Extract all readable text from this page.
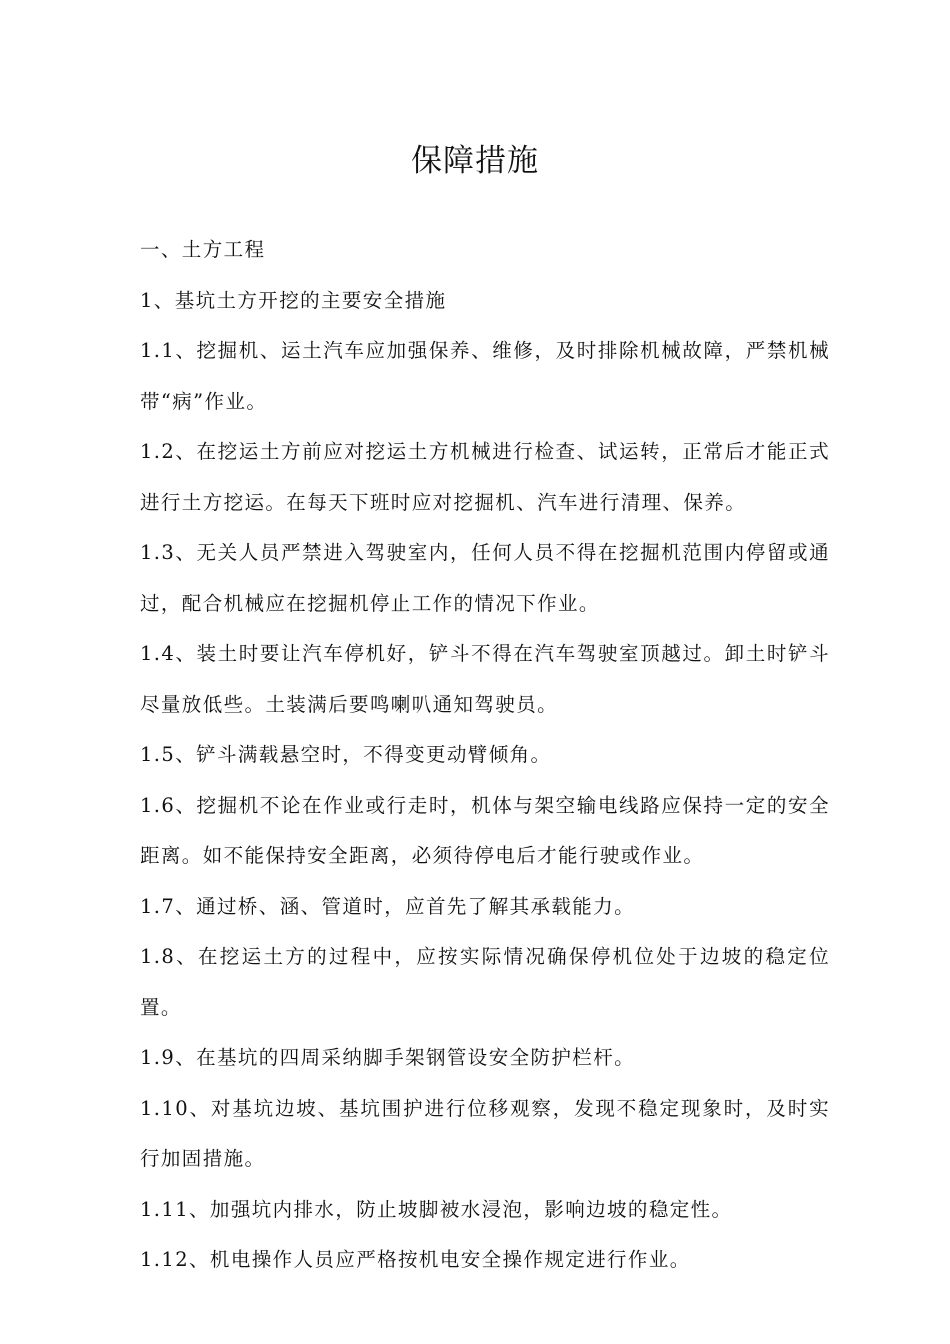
保障措施

一、土方工程

1、基坑土方开挖的主要安全措施

1.1、挖掘机、运土汽车应加强保养、维修，及时排除机械故障，严禁机械带“病”作业。

1.2、在挖运土方前应对挖运土方机械进行检查、试运转，正常后才能正式进行土方挖运。在每天下班时应对挖掘机、汽车进行清理、保养。

1.3、无关人员严禁进入驾驶室内，任何人员不得在挖掘机范围内停留或通过，配合机械应在挖掘机停止工作的情况下作业。

1.4、装土时要让汽车停机好，铲斗不得在汽车驾驶室顶越过。卸土时铲斗尽量放低些。土装满后要鸣喇叭通知驾驶员。

1.5、铲斗满载悬空时，不得变更动臂倾角。

1.6、挖掘机不论在作业或行走时，机体与架空输电线路应保持一定的安全距离。如不能保持安全距离，必须待停电后才能行驶或作业。

1.7、通过桥、涵、管道时，应首先了解其承载能力。

1.8、在挖运土方的过程中，应按实际情况确保停机位处于边坡的稳定位置。

1.9、在基坑的四周采纳脚手架钢管设安全防护栏杆。

1.10、对基坑边坡、基坑围护进行位移观察，发现不稳定现象时，及时实行加固措施。

1.11、加强坑内排水，防止坡脚被水浸泡，影响边坡的稳定性。

1.12、机电操作人员应严格按机电安全操作规定进行作业。
